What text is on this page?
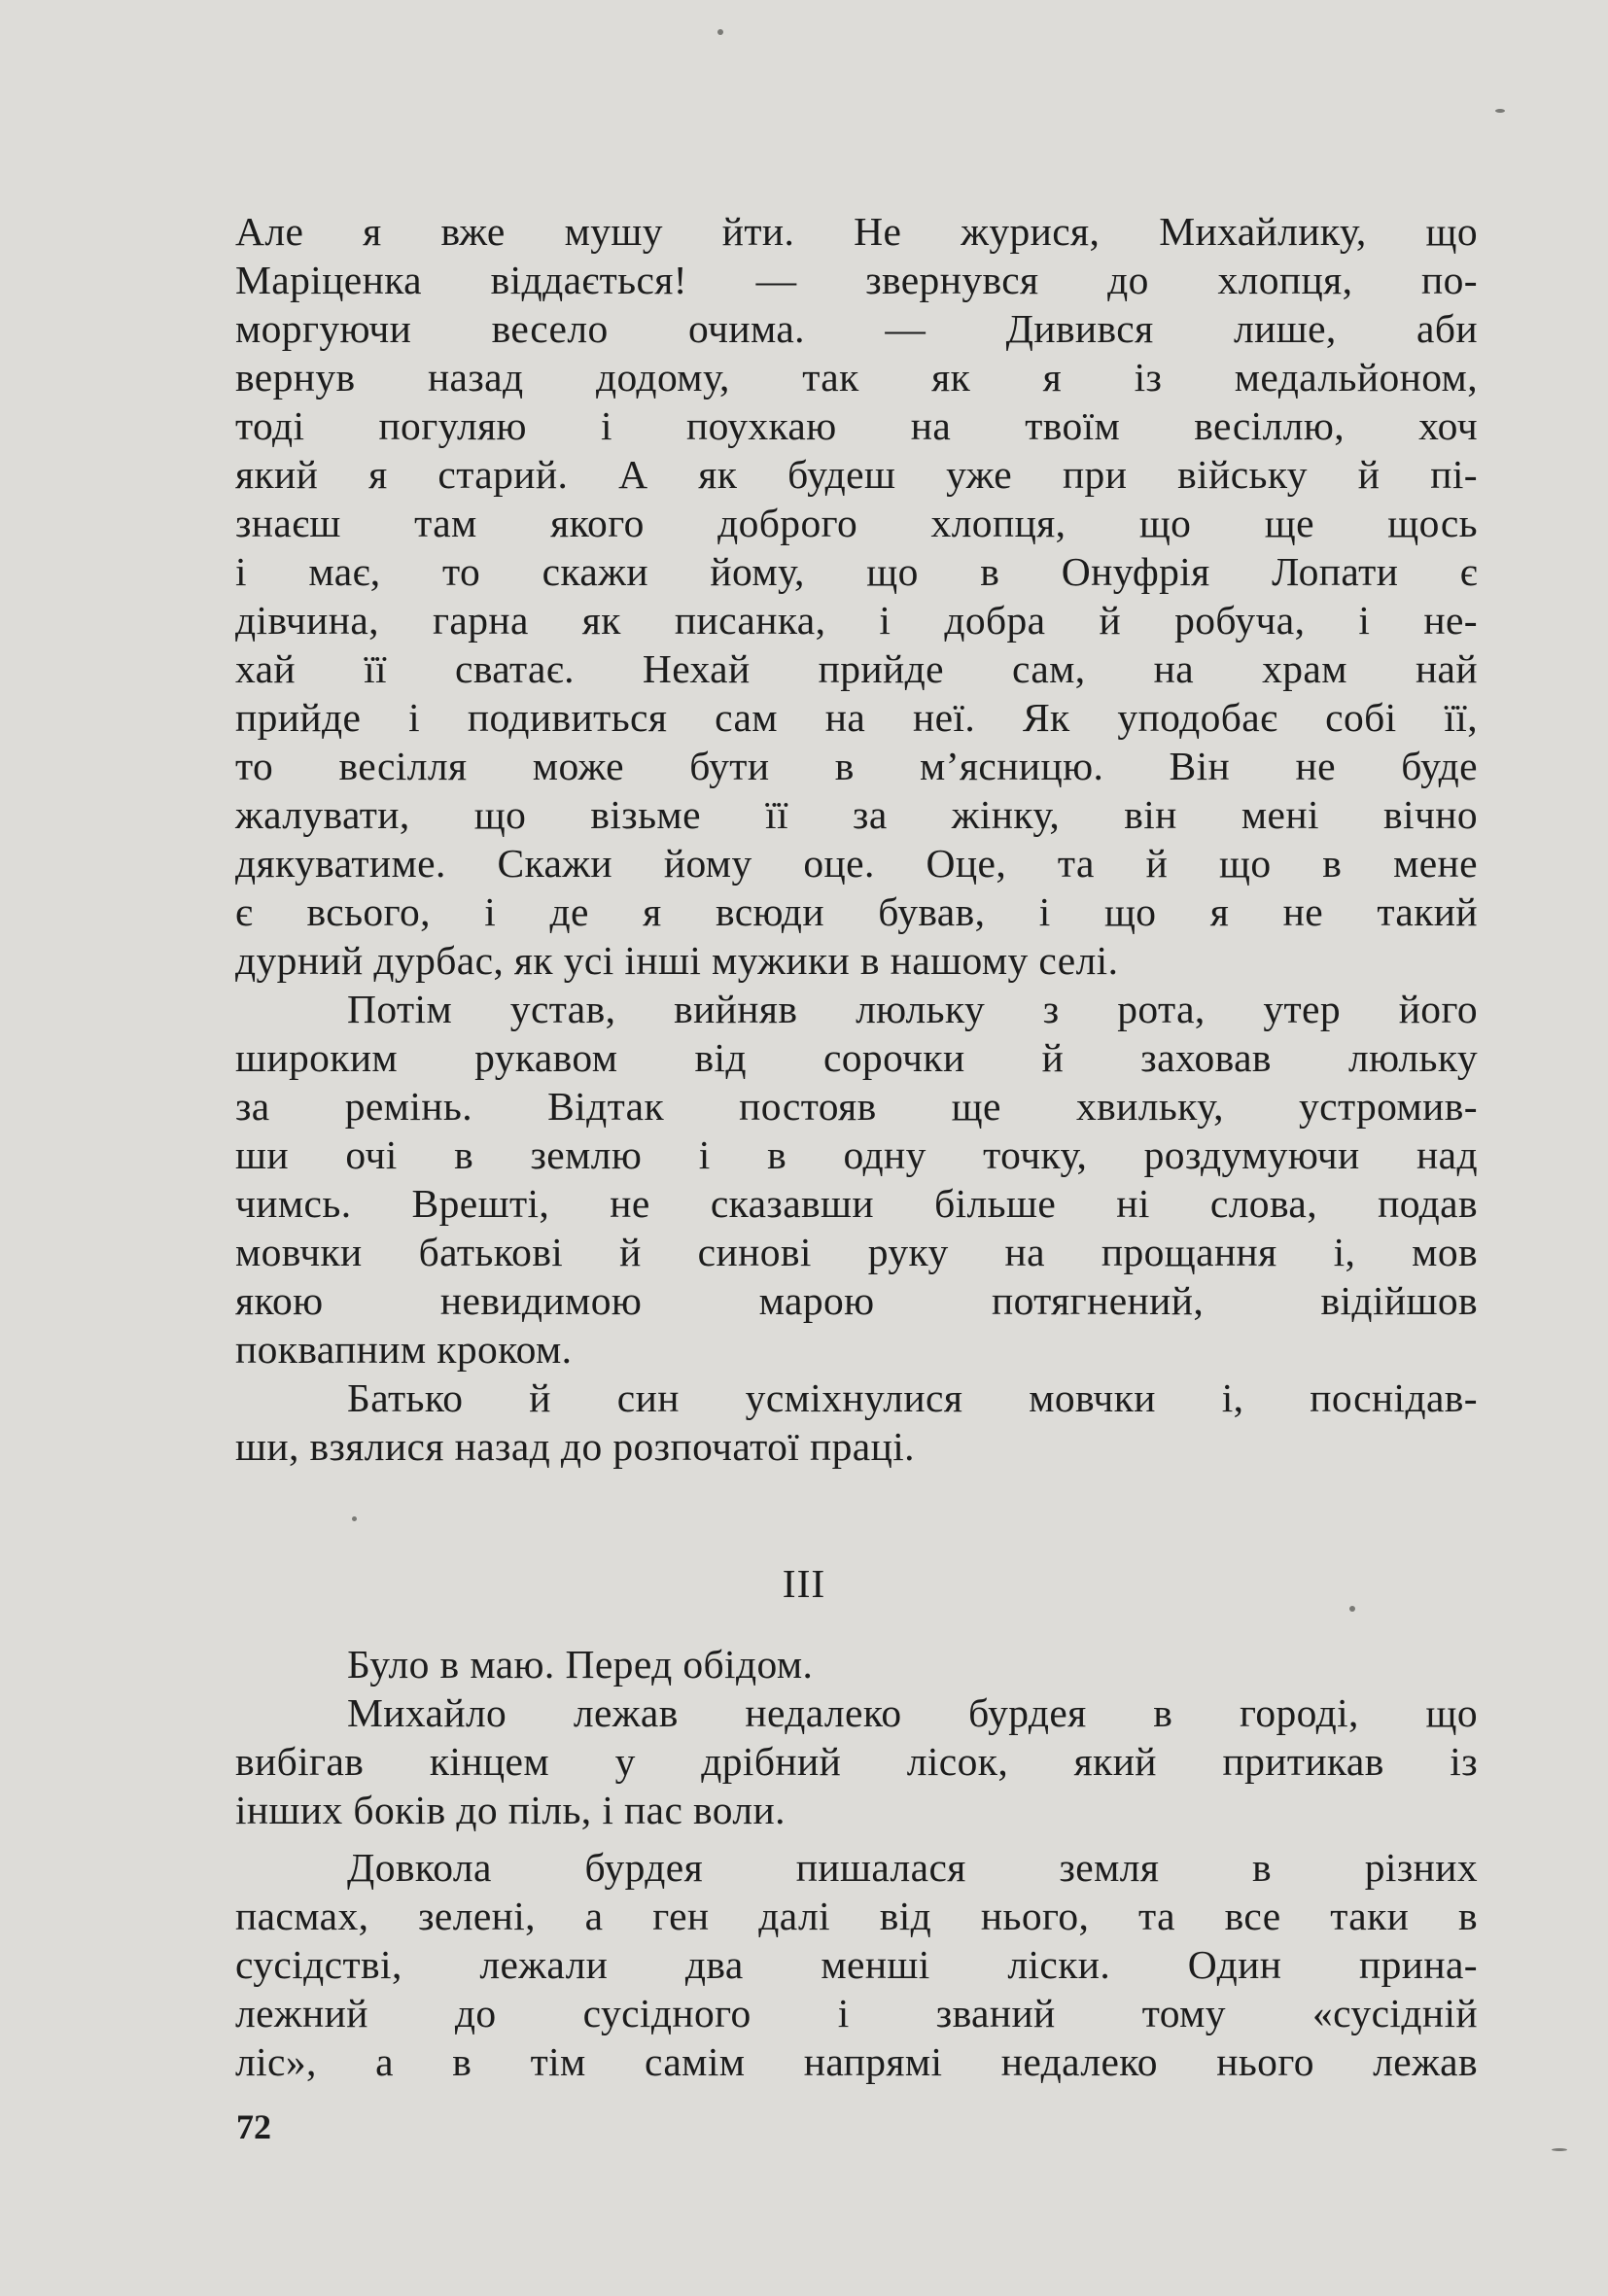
Але я вже мушу йти. Не журися, Михайлику, що
Маріценка віддається! — звернувся до хлопця, по-
моргуючи весело очима. — Дивився лише, аби
вернув назад додому, так як я із медальйоном,
тоді погуляю і поухкаю на твоїм весіллю, хоч
який я старий. А як будеш уже при війську й пі-
знаєш там якого доброго хлопця, що ще щось
і має, то скажи йому, що в Онуфрія Лопати є
дівчина, гарна як писанка, і добра й робуча, і не-
хай її сватає. Нехай прийде сам, на храм най
прийде і подивиться сам на неї. Як уподобає собі її,
то весілля може бути в м’ясницю. Він не буде
жалувати, що візьме її за жінку, він мені вічно
дякуватиме. Скажи йому оце. Оце, та й що в мене
є всього, і де я всюди бував, і що я не такий
дурний дурбас, як усі інші мужики в нашому селі.
Потім устав, вийняв люльку з рота, утер його
широким рукавом від сорочки й заховав люльку
за ремінь. Відтак постояв ще хвильку, устромив-
ши очі в землю і в одну точку, роздумуючи над
чимсь. Врешті, не сказавши більше ні слова, подав
мовчки батькові й синові руку на прощання і, мов
якою невидимою марою потягнений, відійшов
поквапним кроком.
Батько й син усміхнулися мовчки і, поснідав-
ши, взялися назад до розпочатої праці.
III
Було в маю. Перед обідом.
Михайло лежав недалеко бурдея в городі, що
вибігав кінцем у дрібний лісок, який притикав із
інших боків до піль, і пас воли.
Довкола бурдея пишалася земля в різних
пасмах, зелені, а ген далі від нього, та все таки в
сусідстві, лежали два менші ліски. Один прина-
лежний до сусідного і званий тому «сусідній
ліс», а в тім самім напрямі недалеко нього лежав
72
